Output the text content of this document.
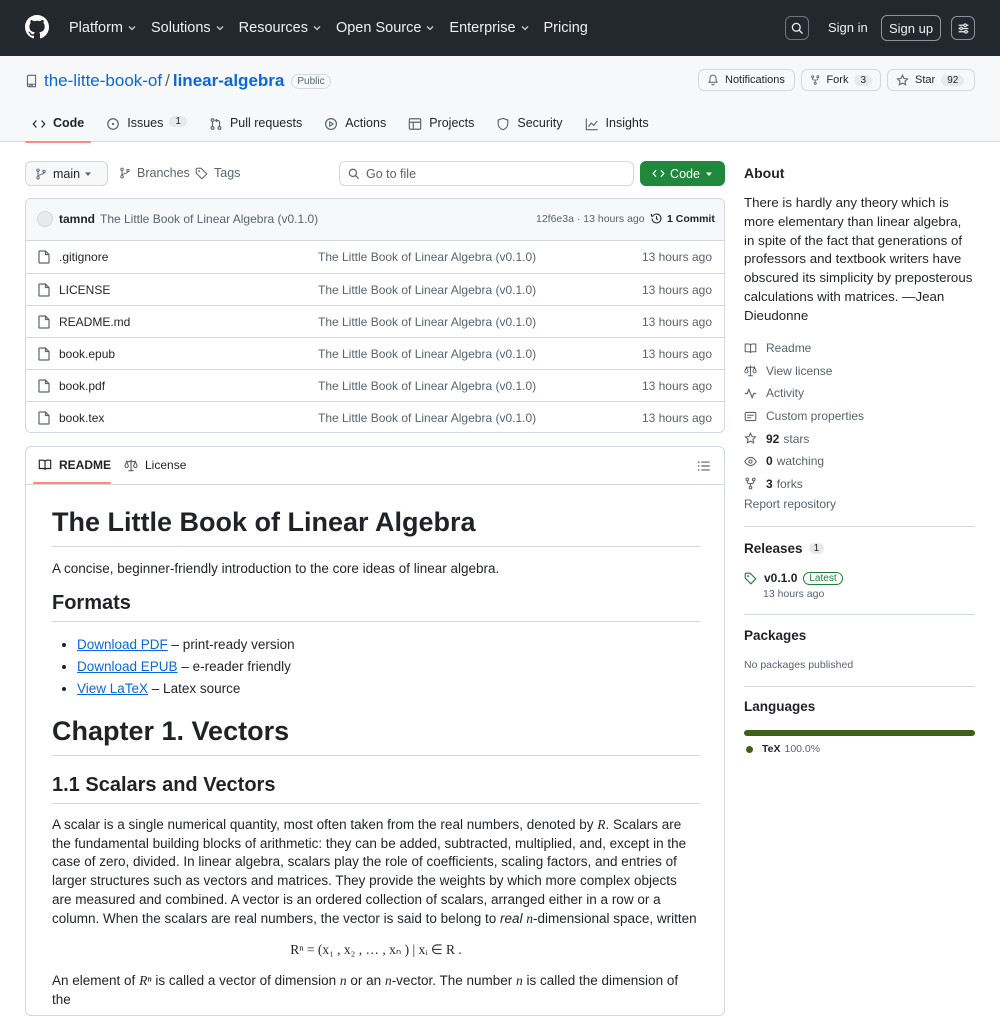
Platform Solutions Resources Open Source Enterprise Pricing	Sign in	Sign up
the-litte-book-of / linear-algebra	Public	Notifications	Fork	3	Star	92
Code	Issues	1	Pull requests	Actions	Projects	Security	Insights
main	Branches Tags
Go to file	Code
tamnd The Little Book of Linear Algebra (v0.1.0)	12f6e3a · 13 hours ago 1 Commit
.gitignore	The Little Book of Linear Algebra (v0.1.0)	13 hours ago
LICENSE	The Little Book of Linear Algebra (v0.1.0)	13 hours ago
README.md	The Little Book of Linear Algebra (v0.1.0)	13 hours ago
book.epub	The Little Book of Linear Algebra (v0.1.0)	13 hours ago
book.pdf	The Little Book of Linear Algebra (v0.1.0)	13 hours ago
book.tex	The Little Book of Linear Algebra (v0.1.0)	13 hours ago
README	License
The Little Book of Linear Algebra
A concise, beginner-friendly introduction to the core ideas of linear algebra.
Formats
• Download PDF – print-ready version
• Download EPUB – e-reader friendly
• View LaTeX – Latex source
Chapter 1. Vectors
1.1 Scalars and Vectors

A scalar is a single numerical quantity, most often taken from the real numbers, denoted by R. Scalars are the fundamental building blocks of arithmetic: they can be added, subtracted, multiplied, and, except in the case of zero, divided. In linear algebra, scalars play the role of coefficients, scaling factors, and entries of larger structures such as vectors and matrices. They provide the weights by which more complex objects are measured and combined. A vector is an ordered collection of scalars, arranged either in a row or a column. When the scalars are real numbers, the vector is said to belong to real n-dimensional space, written

Rⁿ = (x₁ , x₂ , … , xₙ ) | xᵢ ∈ R .

An element of Rⁿ is called a vector of dimension n or an n-vector. The number n is called the dimension of the

About
There is hardly any theory which is more elementary than linear algebra, in spite of the fact that generations of professors and textbook writers have obscured its simplicity by preposterous calculations with matrices. —Jean Dieudonne
Readme
View license
Activity
Custom properties
92 stars
0 watching
3 forks
Report repository
Releases	1
v0.1.0	Latest
13 hours ago
Packages
No packages published
Languages
TeX 100.0%
